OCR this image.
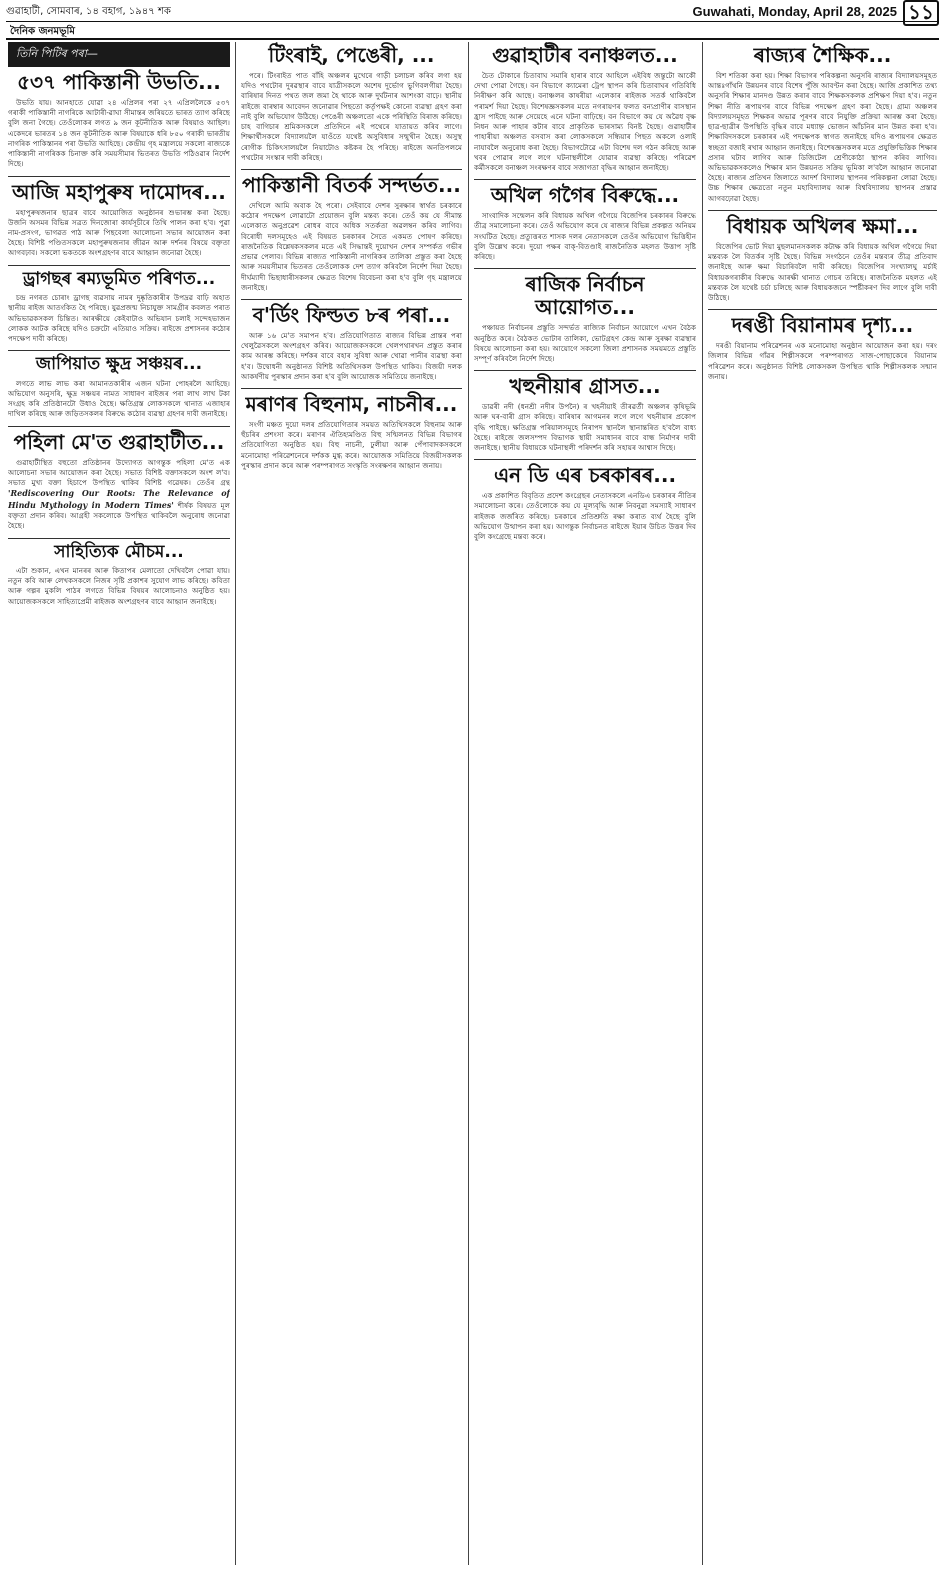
গুৱাহাটী, সোমবাৰ, ১৪ বহাগ, ১৯৪৭ শক	Guwahati, Monday, April 28, 2025 ১১
দৈনিক জনমভূমি
তিনি পিটিৰ পৰা—
৫৩৭ পাকিস্তানী উভতি...

উভতি যায়। আনহাতে যোৱা ২৪ এপ্ৰিলৰ পৰা ২৭ এপ্ৰিললৈকে ৫৩৭ গৰাকী পাকিস্তানী নাগৰিকে আটাৰী-ৱাঘা সীমান্তৰ জৰিয়তে ভাৰত ত্যাগ কৰিছে বুলি জনা গৈছে। তেওঁলোকৰ লগত ৯ জন কূটনীতিক আৰু বিষয়াও আছিল। একেদৰে ভাৰতৰ ১৪ জন কূটনীতিক আৰু বিষয়াকে ধৰি ৮৫০ গৰাকী ভাৰতীয় নাগৰিক পাকিস্তানৰ পৰা উভতি আহিছে। কেন্দ্ৰীয় গৃহ মন্ত্ৰালয়ে সকলো ৰাজ্যকে পাকিস্তানী নাগৰিকক চিনাক্ত কৰি সময়সীমাৰ ভিতৰত উভতি পঠিওৱাৰ নিৰ্দেশ দিছে।

আজি মহাপুৰুষ দামোদৰ...

মহাপুৰুষজনাৰ ছাত্ৰৰ বাবে আয়োজিত অনুষ্ঠানৰ শুভাৰম্ভ কৰা হৈছে। উজনি অসমৰ বিভিন্ন সত্ৰত দিনজোৰা কাৰ্যসূচীৰে তিথি পালন কৰা হ'ব। পুৱা নাম-প্ৰসংগ, ভাগৱত পাঠ আৰু পিছবেলা আলোচনা সভাৰ আয়োজন কৰা হৈছে। বিশিষ্ট পণ্ডিতসকলে মহাপুৰুষজনাৰ জীৱন আৰু দৰ্শনৰ বিষয়ে বক্তৃতা আগবঢ়াব। সকলো ভকতকে অংশগ্ৰহণৰ বাবে আহ্বান জনোৱা হৈছে।

ড্ৰাগছৰ ৰম্যভূমিত পৰিণত...

চন্দ্ৰ নগৰত চোৰাং ড্ৰাগছ ব্যৱসায় নামৰ দুষ্কৃতিকাৰীৰ উপদ্ৰৱ বাঢ়ি অহাত স্থানীয় ৰাইজ আতংকিত হৈ পৰিছে। যুৱপ্ৰজন্ম নিচাযুক্ত সামগ্ৰীৰ কবলত পৰাত অভিভাৱকসকল চিন্তিত। আৰক্ষীয়ে কেইবাটাও অভিযান চলাই সন্দেহভাজন লোকক আটক কৰিছে যদিও চক্ৰটো এতিয়াও সক্ৰিয়। ৰাইজে প্ৰশাসনৰ কঠোৰ পদক্ষেপ দাবী কৰিছে।

জাপিয়াত ক্ষুদ্ৰ সঞ্চয়ৰ...

লগতে লাভ লাভ কৰা আমানতকাৰীৰ এজন ঘটনা পোহৰলৈ আহিছে। অভিযোগ অনুসৰি, ক্ষুদ্ৰ সঞ্চয়ৰ নামত সাধাৰণ ৰাইজৰ পৰা লাখ লাখ টকা সংগ্ৰহ কৰি প্ৰতিষ্ঠানটো উধাও হৈছে। ক্ষতিগ্ৰস্ত লোকসকলে থানাত এজাহাৰ দাখিল কৰিছে আৰু জড়িতসকলৰ বিৰুদ্ধে কঠোৰ ব্যৱস্থা গ্ৰহণৰ দাবী জনাইছে।

পহিলা মে'ত গুৱাহাটীত...

গুৱাহাটীস্থিত বহুতো প্ৰতিষ্ঠানৰ উদ্যোগত আগন্তুক পহিলা মে'ত এক আলোচনা সভাৰ আয়োজন কৰা হৈছে। সভাত বিশিষ্ট বক্তাসকলে অংশ ল'ব। সভাত মুখ্য বক্তা হিচাপে উপস্থিত থাকিব বিশিষ্ট গৱেষক। তেওঁৰ গ্ৰন্থ 'Rediscovering Our Roots: The Relevance of Hindu Mythology in Modern Times' শীৰ্ষক বিষয়ত মূল বক্তৃতা প্ৰদান কৰিব। আগ্ৰহী সকলোকে উপস্থিত থাকিবলৈ অনুৰোধ জনোৱা হৈছে।

সাহিত্যিক মৌচম...

এটা শুকান, এখন মানৰৰ আৰু কিতাপৰ মেলাতো দেখিবলৈ পোৱা যায়। নতুন কবি আৰু লেখকসকলে নিজৰ সৃষ্টি প্ৰকাশৰ সুযোগ লাভ কৰিছে। কবিতা আৰু গল্পৰ মুকলি পাঠৰ লগতে বিভিন্ন বিষয়ৰ আলোচনাও অনুষ্ঠিত হয়। আয়োজকসকলে সাহিত্যপ্ৰেমী ৰাইজক অংশগ্ৰহণৰ বাবে আহ্বান জনাইছে।

টিংৰাই, পেঙেৰী, ...

পৰে। টিংৰাইত পাত বাঁহি অঞ্চলৰ মুখেৰে গাড়ী চলাচল কৰিব লগা হয় যদিও পথটোৰ দুৰৱস্থাৰ বাবে যাত্ৰীসকলে অশেষ দুৰ্ভোগ ভুগিবলগীয়া হৈছে। বাৰিষাৰ দিনত পথত জল জমা হৈ থাকে আৰু দুৰ্ঘটনাৰ আশংকা বাঢ়ে। স্থানীয় ৰাইজে বাৰম্বাৰ আবেদন জনোৱাৰ পিছতো কৰ্তৃপক্ষই কোনো ব্যৱস্থা গ্ৰহণ কৰা নাই বুলি অভিযোগ উঠিছে। পেঙেৰী অঞ্চলতো একে পৰিস্থিতি বিৰাজ কৰিছে। চাহ বাগিচাৰ শ্ৰমিকসকলে প্ৰতিদিনে এই পথেৰে যাতায়ত কৰিব লাগে। শিক্ষাৰ্থীসকলে বিদ্যালয়লৈ যাওঁতে যথেষ্ট অসুবিধাৰ সন্মুখীন হৈছে। অসুস্থ ৰোগীক চিকিৎসালয়লৈ নিয়াটোও কষ্টকৰ হৈ পৰিছে। ৰাইজে অনতিপলমে পথটোৰ সংস্কাৰ দাবী কৰিছে।

পাকিস্তানী বিতৰ্ক সন্দৰ্ভত...

দেখিলে আমি অবাক হৈ পৰো। সেইবাবে দেশৰ সুৰক্ষাৰ স্বাৰ্থত চৰকাৰে কঠোৰ পদক্ষেপ লোৱাটো প্ৰয়োজন বুলি মন্তব্য কৰে। তেওঁ কয় যে সীমান্ত এলেকাত অনুপ্ৰৱেশ ৰোধৰ বাবে অধিক সতৰ্কতা অৱলম্বন কৰিব লাগিব। বিৰোধী দলসমূহেও এই বিষয়ত চৰকাৰৰ সৈতে একমত পোষণ কৰিছে। ৰাজনৈতিক বিশ্লেষকসকলৰ মতে এই সিদ্ধান্তই দুয়োখন দেশৰ সম্পৰ্কত গভীৰ প্ৰভাৱ পেলাব। বিভিন্ন ৰাজ্যত পাকিস্তানী নাগৰিকৰ তালিকা প্ৰস্তুত কৰা হৈছে আৰু সময়সীমাৰ ভিতৰত তেওঁলোকক দেশ ত্যাগ কৰিবলৈ নিৰ্দেশ দিয়া হৈছে। দীৰ্ঘম্যাদী ভিছাধাৰীসকলৰ ক্ষেত্ৰত বিশেষ বিবেচনা কৰা হ'ব বুলি গৃহ মন্ত্ৰালয়ে জনাইছে।

ব'ৰ্ডিং ফিল্ডত ৮ৰ পৰা...

আৰু ১৬ মে'ত সমাপন হ'ব। প্ৰতিযোগিতাত ৰাজ্যৰ বিভিন্ন প্ৰান্তৰ পৰা খেলুৱৈসকলে অংশগ্ৰহণ কৰিব। আয়োজকসকলে খেলপথাৰখন প্ৰস্তুত কৰাৰ কাম আৰম্ভ কৰিছে। দৰ্শকৰ বাবে বহাৰ সুবিধা আৰু খোৱা পানীৰ ব্যৱস্থা কৰা হ'ব। উদ্বোধনী অনুষ্ঠানত বিশিষ্ট অতিথিসকল উপস্থিত থাকিব। বিজয়ী দলক আকৰ্ষণীয় পুৰস্কাৰ প্ৰদান কৰা হ'ব বুলি আয়োজক সমিতিয়ে জনাইছে।

মৰাণৰ বিহুনাম, নাচনীৰ...

সংগী মঞ্চত দুয়ো দলৰ প্ৰতিযোগিতাৰ সময়ত অতিথিসকলে বিহুনাম আৰু হুঁচৰিৰ প্ৰশংসা কৰে। মৰাণৰ ঐতিহ্যমণ্ডিত বিহু সন্মিলনত বিভিন্ন বিভাগৰ প্ৰতিযোগিতা অনুষ্ঠিত হয়। বিহু নাচনী, ঢুলীয়া আৰু পেঁপাবাদকসকলে মনোমোহা পৰিৱেশনেৰে দৰ্শকক মুগ্ধ কৰে। আয়োজক সমিতিয়ে বিজয়ীসকলক পুৰস্কাৰ প্ৰদান কৰে আৰু পৰম্পৰাগত সংস্কৃতি সংৰক্ষণৰ আহ্বান জনায়।

গুৱাহাটীৰ বনাঞ্চলত...

চৈত টোকাৰে চিতাবাঘ সমাৰি হাৰাৰ বাবে আহিলে এইবিধ জন্তুটো আকৌ দেখা পোৱা গৈছে। বন বিভাগে ক্যামেৰা ট্ৰেপ স্থাপন কৰি চিতাবাঘৰ গতিবিধি নিৰীক্ষণ কৰি আছে। বনাঞ্চলৰ কাষৰীয়া এলেকাৰ ৰাইজক সতৰ্ক থাকিবলৈ পৰামৰ্শ দিয়া হৈছে। বিশেষজ্ঞসকলৰ মতে নগৰায়ণৰ ফলত বন্যপ্ৰাণীৰ বাসস্থান হ্ৰাস পাইছে আৰু সেয়েহে এনে ঘটনা বাঢ়িছে। বন বিভাগে কয় যে অৱৈধ বৃক্ষ নিধন আৰু পাহাৰ কটাৰ বাবে প্ৰাকৃতিক ভাৰসাম্য বিনষ্ট হৈছে। গুৱাহাটীৰ পাহাৰীয়া অঞ্চলত বসবাস কৰা লোকসকলে সন্ধিয়াৰ পিছত অকলে ওলাই নাযাবলৈ অনুৰোধ কৰা হৈছে। বিভাগটোৱে এটা বিশেষ দল গঠন কৰিছে আৰু খবৰ পোৱাৰ লগে লগে ঘটনাস্থলীলৈ যোৱাৰ ব্যৱস্থা কৰিছে। পৰিৱেশ কৰ্মীসকলে বনাঞ্চল সংৰক্ষণৰ বাবে সজাগতা বৃদ্ধিৰ আহ্বান জনাইছে।

অখিল গগৈৰ বিৰুদ্ধে...

সাংবাদিক সন্মেলন কৰি বিধায়ক অখিল গগৈয়ে বিজেপিৰ চৰকাৰৰ বিৰুদ্ধে তীব্ৰ সমালোচনা কৰে। তেওঁ অভিযোগ কৰে যে ৰাজ্যৰ বিভিন্ন প্ৰকল্পত অনিয়ম সংঘটিত হৈছে। প্ৰত্যুত্তৰত শাসক দলৰ নেতাসকলে তেওঁৰ অভিযোগ ভিত্তিহীন বুলি উল্লেখ কৰে। দুয়ো পক্ষৰ বাক্-বিতণ্ডাই ৰাজনৈতিক মহলত উত্তাপ সৃষ্টি কৰিছে।

ৰাজিক নিৰ্বাচন আয়োগত...

পঞ্চায়ত নিৰ্বাচনৰ প্ৰস্তুতি সন্দৰ্ভত ৰাজ্যিক নিৰ্বাচন আয়োগে এখন বৈঠক অনুষ্ঠিত কৰে। বৈঠকত ভোটাৰ তালিকা, ভোটগ্ৰহণ কেন্দ্ৰ আৰু সুৰক্ষা ব্যৱস্থাৰ বিষয়ে আলোচনা কৰা হয়। আয়োগে সকলো জিলা প্ৰশাসনক সময়মতে প্ৰস্তুতি সম্পূৰ্ণ কৰিবলৈ নিৰ্দেশ দিছে।

খহুনীয়াৰ গ্ৰাসত...

ডাৱৰী নদী (ধনশ্ৰী নদীৰ উপনৈ) ৰ খহনীয়াই তীৰৱৰ্তী অঞ্চলৰ কৃষিভূমি আৰু ঘৰ-বাৰী গ্ৰাস কৰিছে। বাৰিষাৰ আগমনৰ লগে লগে খহনীয়াৰ প্ৰকোপ বৃদ্ধি পাইছে। ক্ষতিগ্ৰস্ত পৰিয়ালসমূহে নিৰাপদ স্থানলৈ স্থানান্তৰিত হ'বলৈ বাধ্য হৈছে। ৰাইজে জলসম্পদ বিভাগক স্থায়ী সমাধানৰ বাবে বান্ধ নিৰ্মাণৰ দাবী জনাইছে। স্থানীয় বিধায়কে ঘটনাস্থলী পৰিদৰ্শন কৰি সহায়ৰ আশ্বাস দিছে।

এন ডি এৰ চৰকাৰৰ...

এক প্ৰকাশিত বিবৃতিত প্ৰদেশ কংগ্ৰেছৰ নেতাসকলে এনডিএ চৰকাৰৰ নীতিৰ সমালোচনা কৰে। তেওঁলোকে কয় যে মূল্যবৃদ্ধি আৰু নিবনুৱা সমস্যাই সাধাৰণ ৰাইজক জৰ্জৰিত কৰিছে। চৰকাৰে প্ৰতিশ্ৰুতি ৰক্ষা কৰাত ব্যৰ্থ হৈছে বুলি অভিযোগ উত্থাপন কৰা হয়। আগন্তুক নিৰ্বাচনত ৰাইজে ইয়াৰ উচিত উত্তৰ দিব বুলি কংগ্ৰেছে মন্তব্য কৰে।

ৰাজ্যৰ শৈক্ষিক...

বিশ শতিকা কৰা হয়। শিক্ষা বিভাগৰ পৰিকল্পনা অনুসৰি ৰাজ্যৰ বিদ্যালয়সমূহত আন্তঃগাঁথনি উন্নয়নৰ বাবে বিশেষ পুঁজি আবণ্টন কৰা হৈছে। আজি প্ৰকাশিত তথ্য অনুসৰি শিক্ষাৰ মানদণ্ড উন্নত কৰাৰ বাবে শিক্ষকসকলক প্ৰশিক্ষণ দিয়া হ'ব। নতুন শিক্ষা নীতি ৰূপায়ণৰ বাবে বিভিন্ন পদক্ষেপ গ্ৰহণ কৰা হৈছে। গ্ৰাম্য অঞ্চলৰ বিদ্যালয়সমূহত শিক্ষকৰ অভাৱ পূৰণৰ বাবে নিযুক্তি প্ৰক্ৰিয়া আৰম্ভ কৰা হৈছে। ছাত্ৰ-ছাত্ৰীৰ উপস্থিতি বৃদ্ধিৰ বাবে মধ্যাহ্ন ভোজন আঁচনিৰ মান উন্নত কৰা হ'ব। শিক্ষাবিদসকলে চৰকাৰৰ এই পদক্ষেপক স্বাগত জনাইছে যদিও ৰূপায়ণৰ ক্ষেত্ৰত স্বচ্ছতা বজাই ৰখাৰ আহ্বান জনাইছে। বিশেষজ্ঞসকলৰ মতে প্ৰযুক্তিভিত্তিক শিক্ষাৰ প্ৰসাৰ ঘটাব লাগিব আৰু ডিজিটেল শ্ৰেণীকোঠা স্থাপন কৰিব লাগিব। অভিভাৱকসকলেও শিক্ষাৰ মান উন্নয়নত সক্ৰিয় ভূমিকা ল'বলৈ আহ্বান জনোৱা হৈছে। ৰাজ্যৰ প্ৰতিখন জিলাতে আদৰ্শ বিদ্যালয় স্থাপনৰ পৰিকল্পনা লোৱা হৈছে। উচ্চ শিক্ষাৰ ক্ষেত্ৰতো নতুন মহাবিদ্যালয় আৰু বিশ্ববিদ্যালয় স্থাপনৰ প্ৰস্তাৱ আগবঢ়োৱা হৈছে।

বিধায়ক অখিলৰ ক্ষমা...

বিজেপিৰ ভোট দিয়া মুছলমানসকলক কটাক্ষ কৰি বিধায়ক অখিল গগৈয়ে দিয়া মন্তব্যক লৈ বিতৰ্কৰ সৃষ্টি হৈছে। বিভিন্ন সংগঠনে তেওঁৰ মন্তব্যৰ তীব্ৰ প্ৰতিবাদ জনাইছে আৰু ক্ষমা বিচাৰিবলৈ দাবী কৰিছে। বিজেপিৰ সংখ্যালঘু মৰ্চাই বিধায়কগৰাকীৰ বিৰুদ্ধে আৰক্ষী থানাত গোচৰ তৰিছে। ৰাজনৈতিক মহলত এই মন্তব্যক লৈ যথেষ্ট চৰ্চা চলিছে আৰু বিধায়কজনে স্পষ্টীকৰণ দিব লাগে বুলি দাবী উঠিছে।

দৰঙী বিয়ানামৰ দৃশ্য...

দৰঙী বিয়ানাম পৰিৱেশনৰ এক মনোমোহা অনুষ্ঠান আয়োজন কৰা হয়। দৰং জিলাৰ বিভিন্ন গাঁৱৰ শিল্পীসকলে পৰম্পৰাগত সাজ-পোছাকেৰে বিয়ানাম পৰিৱেশন কৰে। অনুষ্ঠানত বিশিষ্ট লোকসকল উপস্থিত থাকি শিল্পীসকলক সন্মান জনায়।
